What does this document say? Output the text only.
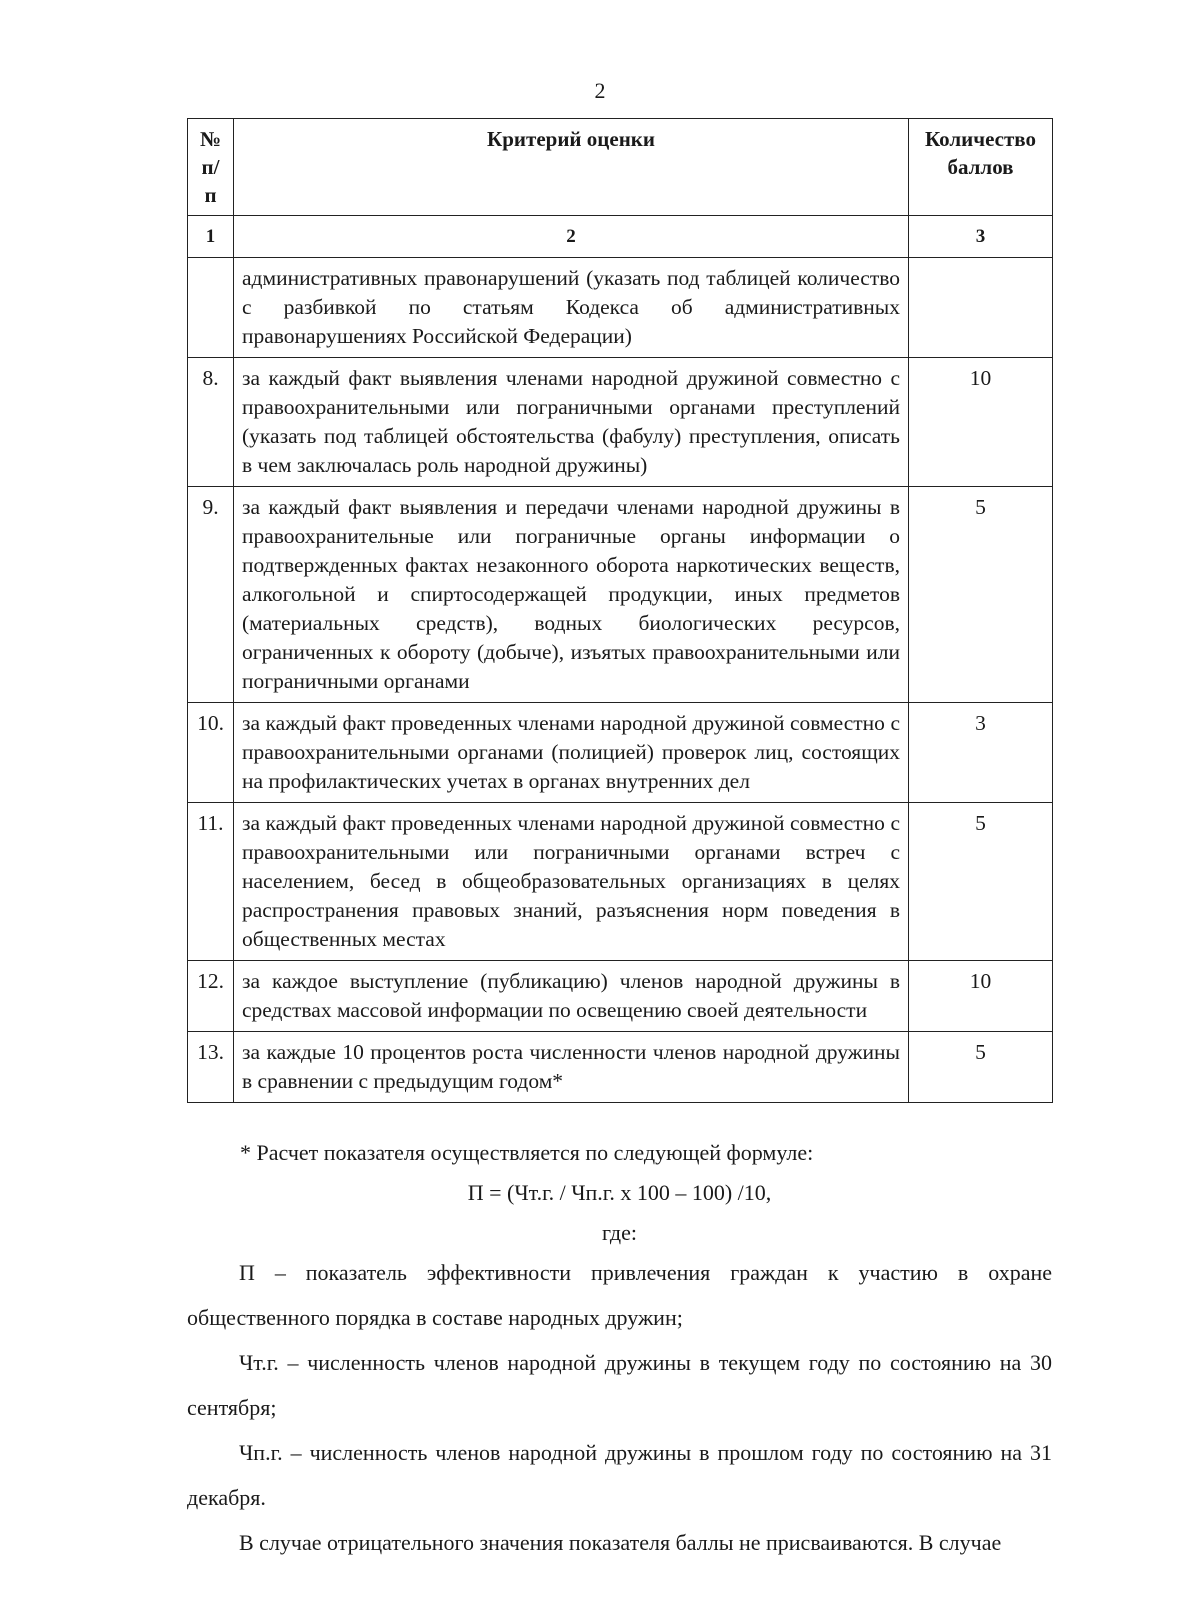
2
№ п/п	Критерий оценки	Количество баллов
1	2	3
	административных правонарушений (указать под таблицей количество с разбивкой по статьям Кодекса об административных правонарушениях Российской Федерации)	
8.	за каждый факт выявления членами народной дружиной совместно с правоохранительными или пограничными органами преступлений (указать под таблицей обстоятельства (фабулу) преступления, описать в чем заключалась роль народной дружины)	10
9.	за каждый факт выявления и передачи членами народной дружины в правоохранительные или пограничные органы информации о подтвержденных фактах незаконного оборота наркотических веществ, алкогольной и спиртосодержащей продукции, иных предметов (материальных средств), водных биологических ресурсов, ограниченных к обороту (добыче), изъятых правоохранительными или пограничными органами	5
10.	за каждый факт проведенных членами народной дружиной совместно с правоохранительными органами (полицией) проверок лиц, состоящих на профилактических учетах в органах внутренних дел	3
11.	за каждый факт проведенных членами народной дружиной совместно с правоохранительными или пограничными органами встреч с населением, бесед в общеобразовательных организациях в целях распространения правовых знаний, разъяснения норм поведения в общественных местах	5
12.	за каждое выступление (публикацию) членов народной дружины в средствах массовой информации по освещению своей деятельности	10
13.	за каждые 10 процентов роста численности членов народной дружины в сравнении с предыдущим годом*	5
* Расчет показателя осуществляется по следующей формуле:
П = (Чт.г. / Чп.г. х 100 – 100) /10,
где:
П – показатель эффективности привлечения граждан к участию в охране общественного порядка в составе народных дружин;
Чт.г. – численность членов народной дружины в текущем году по состоянию на 30 сентября;
Чп.г. – численность членов народной дружины в прошлом году по состоянию на 31 декабря.
В случае отрицательного значения показателя баллы не присваиваются. В случае
